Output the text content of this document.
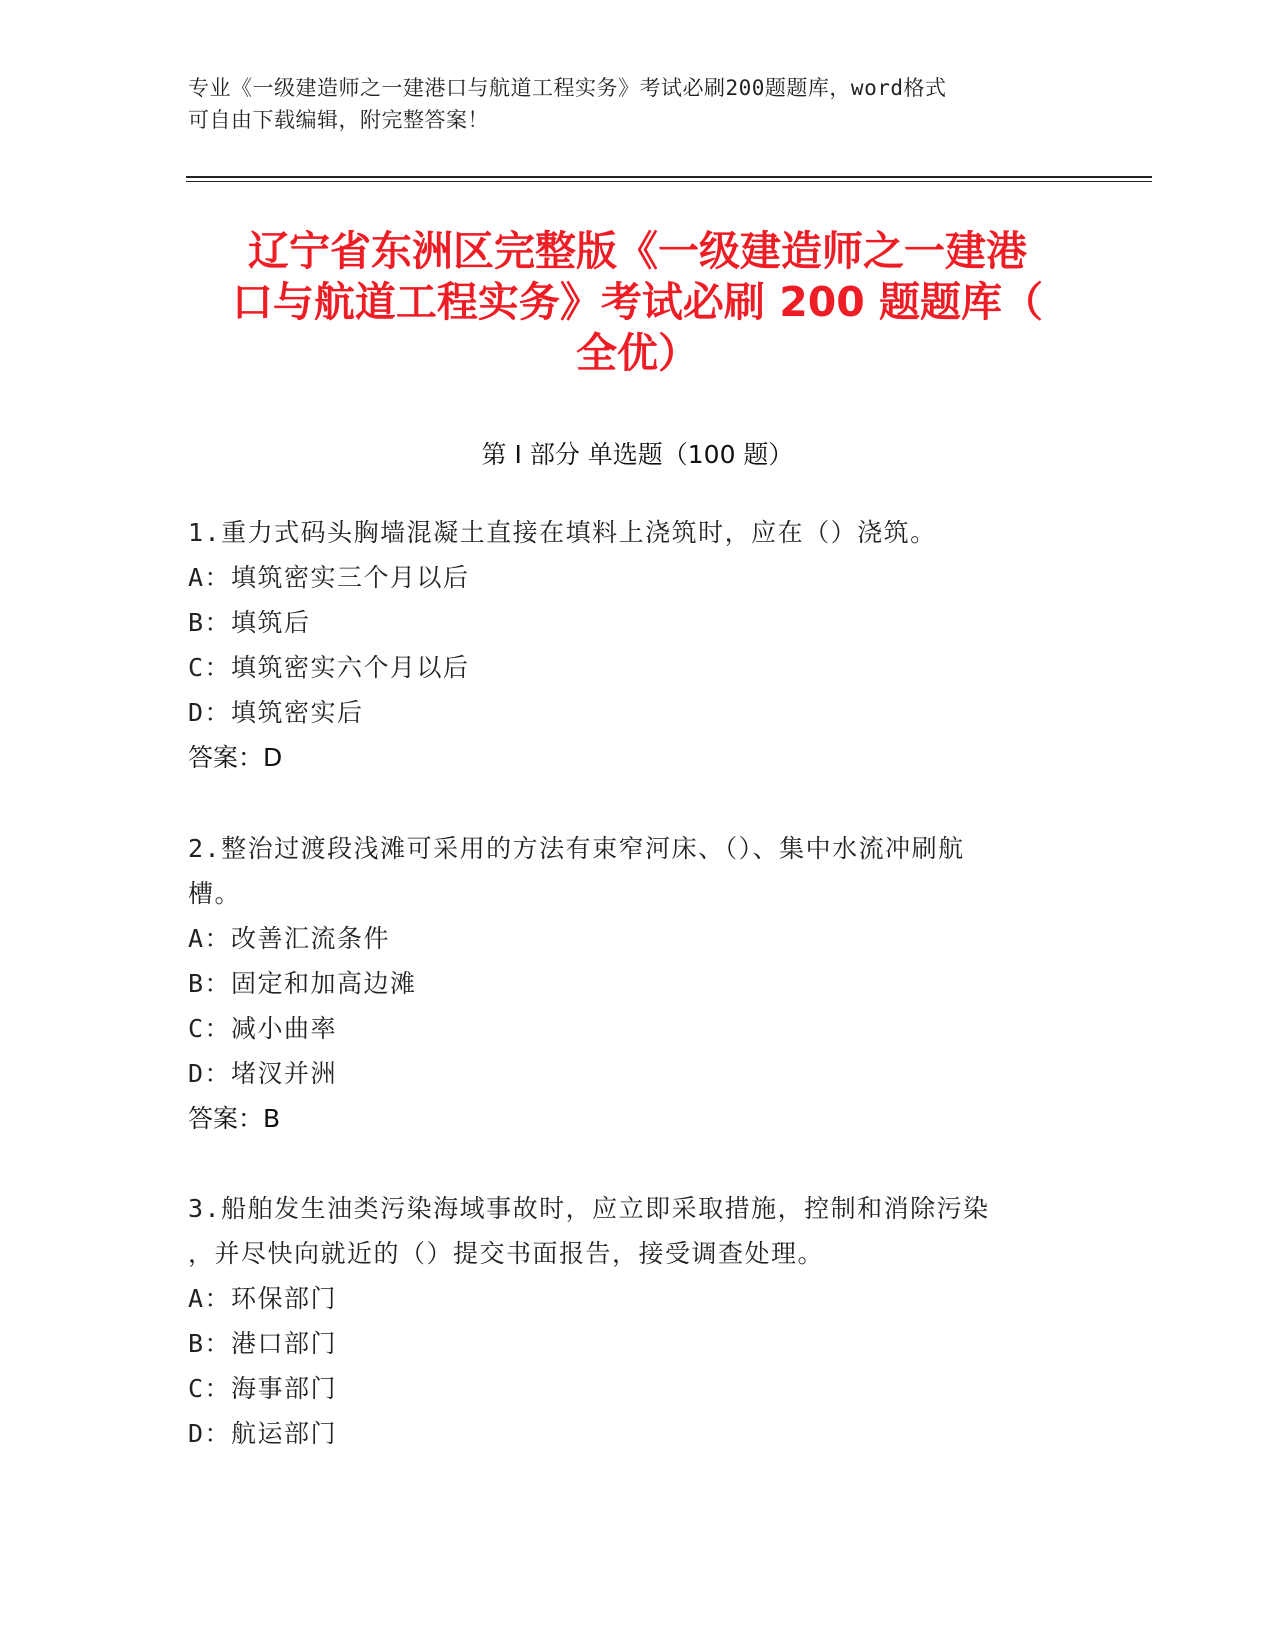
专业《一级建造师之一建港口与航道工程实务》考试必刷200题题库，word格式
可自由下载编辑，附完整答案！
辽宁省东洲区完整版《一级建造师之一建港
口与航道工程实务》考试必刷 200 题题库（
全优）
第 I 部分 单选题（100 题）
1.重力式码头胸墙混凝土直接在填料上浇筑时，应在（）浇筑。
A：填筑密实三个月以后
B：填筑后
C：填筑密实六个月以后
D：填筑密实后
答案：D
2.整治过渡段浅滩可采用的方法有束窄河床、（）、集中水流冲刷航
槽。
A：改善汇流条件
B：固定和加高边滩
C：减小曲率
D：堵汊并洲
答案：B
3.船舶发生油类污染海域事故时，应立即采取措施，控制和消除污染
，并尽快向就近的（）提交书面报告，接受调查处理。
A：环保部门
B：港口部门
C：海事部门
D：航运部门
